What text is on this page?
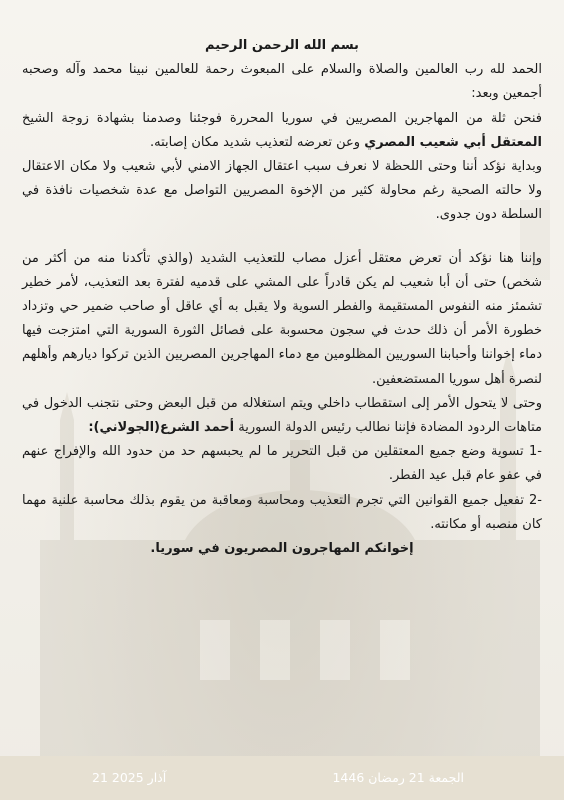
بسم الله الرحمن الرحيم

الحمد لله رب العالمين والصلاة والسلام على المبعوث رحمة للعالمين نبينا محمد وآله وصحبه أجمعين وبعد:

فنحن ثلة من المهاجرين المصريين في سوريا المحررة فوجئنا وصدمنا بشهادة زوجة الشيخ المعتقل أبي شعيب المصري وعن تعرضه لتعذيب شديد مكان إصابته.

وبداية نؤكد أننا وحتى اللحظة لا نعرف سبب اعتقال الجهاز الامني لأبي شعيب ولا مكان الاعتقال ولا حالته الصحية رغم محاولة كثير من الإخوة المصريين التواصل مع عدة شخصيات نافذة في السلطة دون جدوى.

وإننا هنا نؤكد أن تعرض معتقل أعزل مصاب للتعذيب الشديد (والذي تأكدنا منه من أكثر من شخص) حتى أن أبا شعيب لم يكن قادراً على المشي على قدميه لفترة بعد التعذيب، لأمر خطير تشمئز منه النفوس المستقيمة والفطر السوية ولا يقبل به أي عاقل أو صاحب ضمير حي وتزداد خطورة الأمر أن ذلك حدث في سجون محسوبة على فصائل الثورة السورية التي امتزجت فيها دماء إخواننا وأحبابنا السوريين المظلومين مع دماء المهاجرين المصريين الذين تركوا ديارهم وأهلهم لنصرة أهل سوريا المستضعفين.

وحتى لا يتحول الأمر إلى استقطاب داخلي ويتم استغلاله من قبل البعض وحتى نتجنب الدخول في متاهات الردود المضادة فإننا نطالب رئيس الدولة السورية أحمد الشرع(الجولاني):

-1 تسوية وضع جميع المعتقلين من قبل التحرير ما لم يحبسهم حد من حدود الله والإفراج عنهم في عفو عام قبل عيد الفطر.

-2 تفعيل جميع القوانين التي تجرم التعذيب ومحاسبة ومعاقبة من يقوم بذلك محاسبة علنية مهما كان منصبه أو مكانته.

إخوانكم المهاجرون المصريون في سوريا.

21 آذار 2025	الجمعة 21 رمضان 1446
